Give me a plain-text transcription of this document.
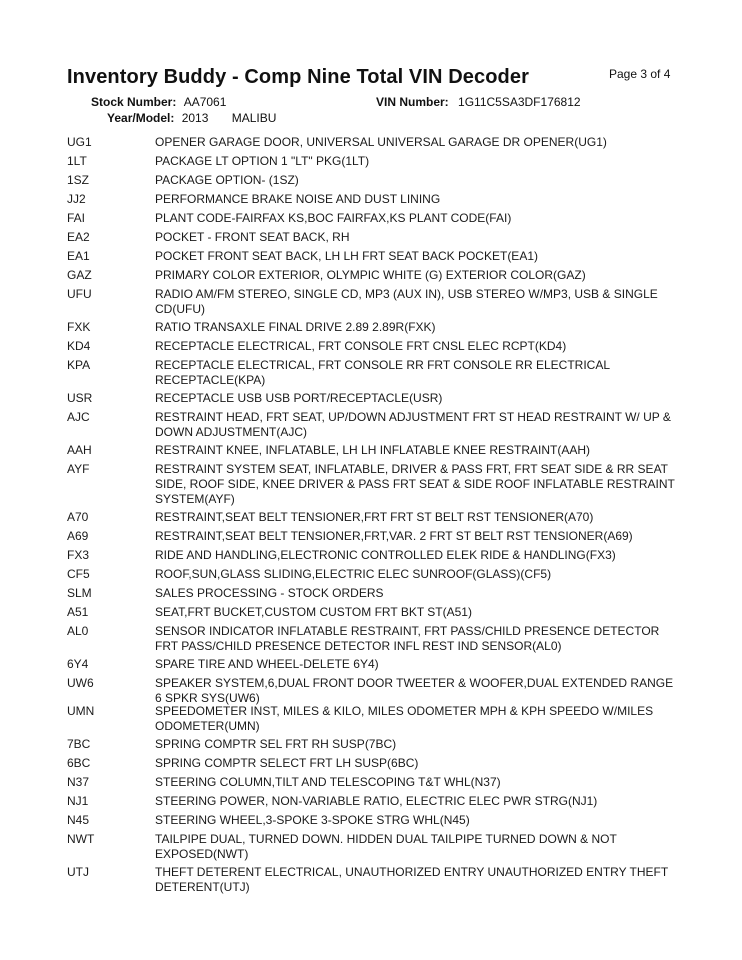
Inventory Buddy - Comp Nine Total VIN Decoder	Page 3 of 4
Stock Number: AA7061	VIN Number: 1G11C5SA3DF176812
Year/Model: 2013 MALIBU
UG1	OPENER GARAGE DOOR, UNIVERSAL UNIVERSAL GARAGE DR OPENER(UG1)
1LT	PACKAGE LT OPTION 1 "LT" PKG(1LT)
1SZ	PACKAGE OPTION- (1SZ)
JJ2	PERFORMANCE BRAKE NOISE AND DUST LINING
FAI	PLANT CODE-FAIRFAX KS,BOC FAIRFAX,KS PLANT CODE(FAI)
EA2	POCKET - FRONT SEAT BACK, RH
EA1	POCKET FRONT SEAT BACK, LH LH FRT SEAT BACK POCKET(EA1)
GAZ	PRIMARY COLOR EXTERIOR, OLYMPIC WHITE (G) EXTERIOR COLOR(GAZ)
UFU	RADIO AM/FM STEREO, SINGLE CD, MP3 (AUX IN), USB STEREO W/MP3, USB & SINGLE CD(UFU)
FXK	RATIO TRANSAXLE FINAL DRIVE 2.89 2.89R(FXK)
KD4	RECEPTACLE ELECTRICAL, FRT CONSOLE FRT CNSL ELEC RCPT(KD4)
KPA	RECEPTACLE ELECTRICAL, FRT CONSOLE RR FRT CONSOLE RR ELECTRICAL RECEPTACLE(KPA)
USR	RECEPTACLE USB USB PORT/RECEPTACLE(USR)
AJC	RESTRAINT HEAD, FRT SEAT, UP/DOWN ADJUSTMENT FRT ST HEAD RESTRAINT W/ UP & DOWN ADJUSTMENT(AJC)
AAH	RESTRAINT KNEE, INFLATABLE, LH LH INFLATABLE KNEE RESTRAINT(AAH)
AYF	RESTRAINT SYSTEM SEAT, INFLATABLE, DRIVER & PASS FRT, FRT SEAT SIDE & RR SEAT SIDE, ROOF SIDE, KNEE DRIVER & PASS FRT SEAT & SIDE ROOF INFLATABLE RESTRAINT SYSTEM(AYF)
A70	RESTRAINT,SEAT BELT TENSIONER,FRT FRT ST BELT RST TENSIONER(A70)
A69	RESTRAINT,SEAT BELT TENSIONER,FRT,VAR. 2 FRT ST BELT RST TENSIONER(A69)
FX3	RIDE AND HANDLING,ELECTRONIC CONTROLLED ELEK RIDE & HANDLING(FX3)
CF5	ROOF,SUN,GLASS SLIDING,ELECTRIC ELEC SUNROOF(GLASS)(CF5)
SLM	SALES PROCESSING - STOCK ORDERS
A51	SEAT,FRT BUCKET,CUSTOM CUSTOM FRT BKT ST(A51)
AL0	SENSOR INDICATOR INFLATABLE RESTRAINT, FRT PASS/CHILD PRESENCE DETECTOR FRT PASS/CHILD PRESENCE DETECTOR INFL REST IND SENSOR(AL0)
6Y4	SPARE TIRE AND WHEEL-DELETE 6Y4)
UW6	SPEAKER SYSTEM,6,DUAL FRONT DOOR TWEETER & WOOFER,DUAL EXTENDED RANGE 6 SPKR SYS(UW6)
UMN	SPEEDOMETER INST, MILES & KILO, MILES ODOMETER MPH & KPH SPEEDO W/MILES ODOMETER(UMN)
7BC	SPRING COMPTR SEL FRT RH SUSP(7BC)
6BC	SPRING COMPTR SELECT FRT LH SUSP(6BC)
N37	STEERING COLUMN,TILT AND TELESCOPING T&T WHL(N37)
NJ1	STEERING POWER, NON-VARIABLE RATIO, ELECTRIC ELEC PWR STRG(NJ1)
N45	STEERING WHEEL,3-SPOKE 3-SPOKE STRG WHL(N45)
NWT	TAILPIPE DUAL, TURNED DOWN. HIDDEN DUAL TAILPIPE TURNED DOWN & NOT EXPOSED(NWT)
UTJ	THEFT DETERENT ELECTRICAL, UNAUTHORIZED ENTRY UNAUTHORIZED ENTRY THEFT DETERENT(UTJ)
